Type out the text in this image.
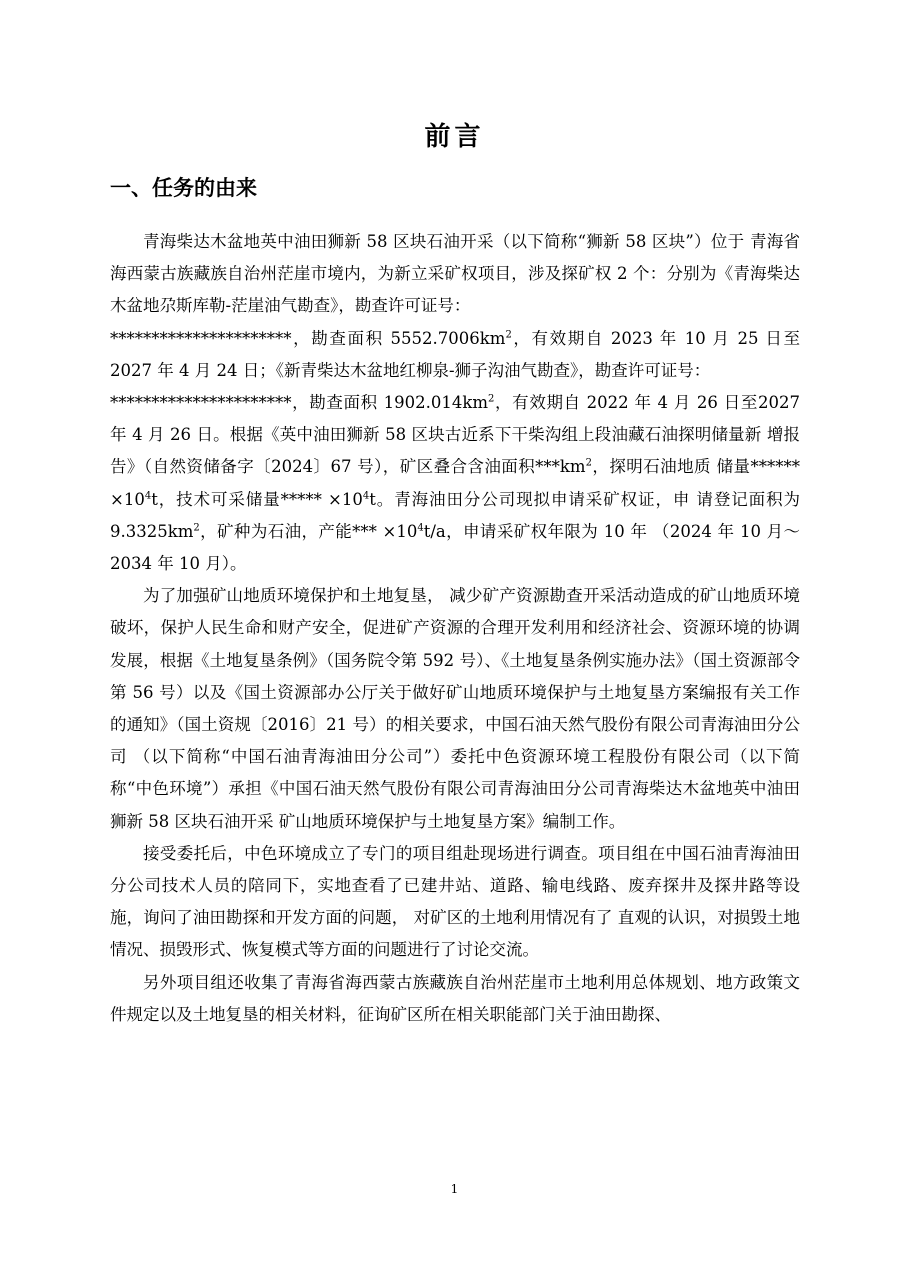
前言
一、任务的由来

青海柴达木盆地英中油田狮新 58 区块石油开采（以下简称“狮新 58 区块”）位于 青海省海西蒙古族藏族自治州茫崖市境内，为新立采矿权项目，涉及探矿权 2 个：分别为《青海柴达木盆地尕斯库勒-茫崖油气勘查》，勘查许可证号：
**********************，勘查面积 $5552.7006km^2$，有效期自 2023 年 10 月 25 日至 2027 年 4 月 24 日；《新青柴达木盆地红柳泉-狮子沟油气勘查》，勘查许可证号：
**********************，勘查面积 $1902.014km^2$，有效期自 2022 年 4 月 26 日至2027 年 4 月 26 日。根据《英中油田狮新 58 区块古近系下干柴沟组上段油藏石油探明储量新 增报告》（自然资储备字〔2024〕67 号），矿区叠合含油面积$***km^2$，探明石油地质 储量****** $\times 10^4t$，技术可采储量***** $\times 10^4t$。青海油田分公司现拟申请采矿权证，申 请登记面积为 $9.3325km^2$，矿种为石油，产能*** $\times 10^4t/a$，申请采矿权年限为 10 年 （2024 年 10 月～2034 年 10 月）。

为了加强矿山地质环境保护和土地复垦， 减少矿产资源勘查开采活动造成的矿山地质环境破坏，保护人民生命和财产安全，促进矿产资源的合理开发利用和经济社会、资源环境的协调发展，根据《土地复垦条例》（国务院令第 592 号）、《土地复垦条例实施办法》（国土资源部令第 56 号）以及《国土资源部办公厅关于做好矿山地质环境保护与土地复垦方案编报有关工作的通知》（国土资规〔2016〕21 号）的相关要求，中国石油天然气股份有限公司青海油田分公司 （以下简称“中国石油青海油田分公司”）委托中色资源环境工程股份有限公司（以下简称“中色环境”）承担《中国石油天然气股份有限公司青海油田分公司青海柴达木盆地英中油田狮新 58 区块石油开采 矿山地质环境保护与土地复垦方案》编制工作。

接受委托后，中色环境成立了专门的项目组赴现场进行调查。项目组在中国石油青海油田分公司技术人员的陪同下，实地查看了已建井站、道路、输电线路、废弃探井及探井路等设施，询问了油田勘探和开发方面的问题， 对矿区的土地利用情况有了 直观的认识，对损毁土地情况、损毁形式、恢复模式等方面的问题进行了讨论交流。

另外项目组还收集了青海省海西蒙古族藏族自治州茫崖市土地利用总体规划、地方政策文件规定以及土地复垦的相关材料，征询矿区所在相关职能部门关于油田勘探、

1
